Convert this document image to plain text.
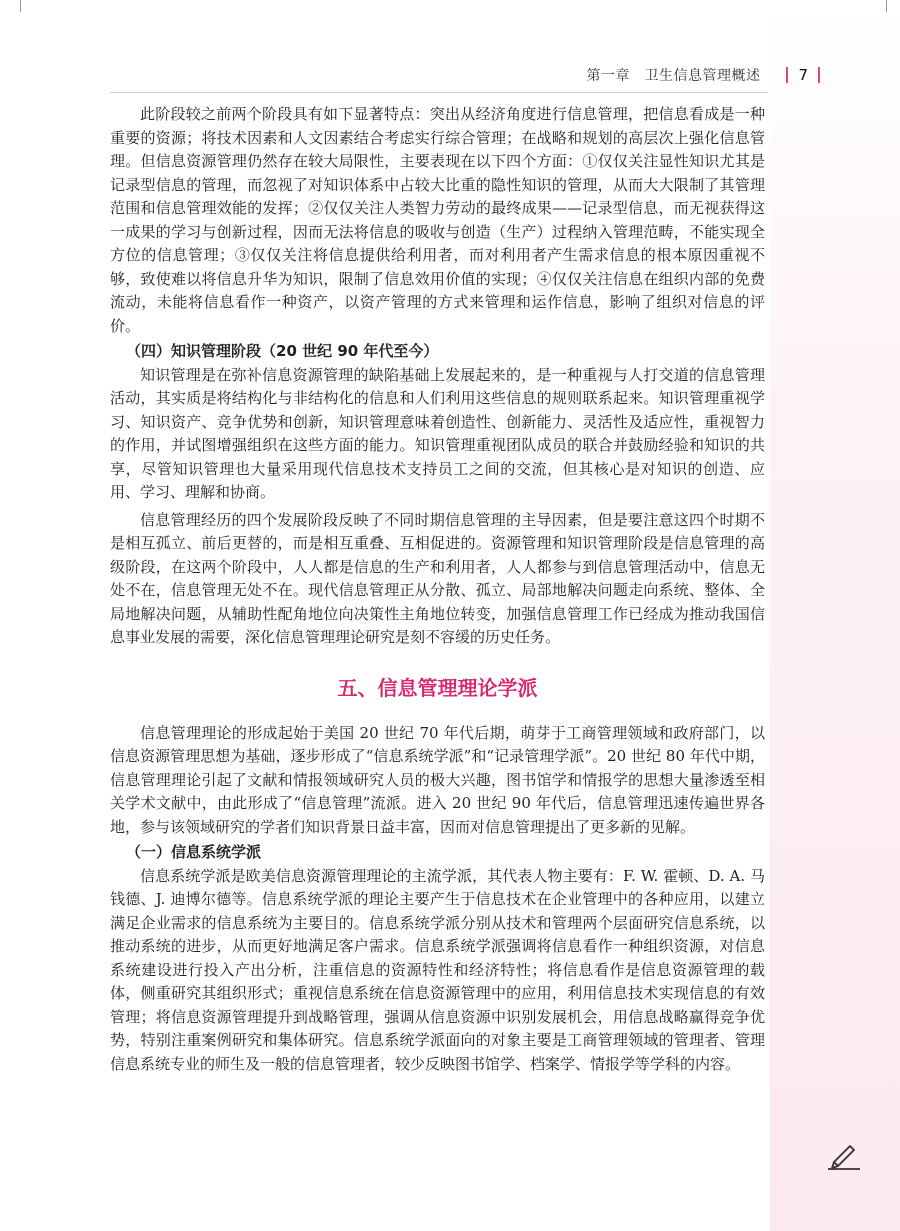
第一章　卫生信息管理概述	7

此阶段较之前两个阶段具有如下显著特点：突出从经济角度进行信息管理，把信息看成是一种重要的资源；将技术因素和人文因素结合考虑实行综合管理；在战略和规划的高层次上强化信息管理。但信息资源管理仍然存在较大局限性，主要表现在以下四个方面：①仅仅关注显性知识尤其是记录型信息的管理，而忽视了对知识体系中占较大比重的隐性知识的管理，从而大大限制了其管理范围和信息管理效能的发挥；②仅仅关注人类智力劳动的最终成果——记录型信息，而无视获得这一成果的学习与创新过程，因而无法将信息的吸收与创造（生产）过程纳入管理范畴，不能实现全方位的信息管理；③仅仅关注将信息提供给利用者，而对利用者产生需求信息的根本原因重视不够，致使难以将信息升华为知识，限制了信息效用价值的实现；④仅仅关注信息在组织内部的免费流动，未能将信息看作一种资产，以资产管理的方式来管理和运作信息，影响了组织对信息的评价。

（四）知识管理阶段（20 世纪 90 年代至今）

知识管理是在弥补信息资源管理的缺陷基础上发展起来的，是一种重视与人打交道的信息管理活动，其实质是将结构化与非结构化的信息和人们利用这些信息的规则联系起来。知识管理重视学习、知识资产、竞争优势和创新，知识管理意味着创造性、创新能力、灵活性及适应性，重视智力的作用，并试图增强组织在这些方面的能力。知识管理重视团队成员的联合并鼓励经验和知识的共享，尽管知识管理也大量采用现代信息技术支持员工之间的交流，但其核心是对知识的创造、应用、学习、理解和协商。

信息管理经历的四个发展阶段反映了不同时期信息管理的主导因素，但是要注意这四个时期不是相互孤立、前后更替的，而是相互重叠、互相促进的。资源管理和知识管理阶段是信息管理的高级阶段，在这两个阶段中，人人都是信息的生产和利用者，人人都参与到信息管理活动中，信息无处不在，信息管理无处不在。现代信息管理正从分散、孤立、局部地解决问题走向系统、整体、全局地解决问题，从辅助性配角地位向决策性主角地位转变，加强信息管理工作已经成为推动我国信息事业发展的需要，深化信息管理理论研究是刻不容缓的历史任务。

五、信息管理理论学派

信息管理理论的形成起始于美国 20 世纪 70 年代后期，萌芽于工商管理领域和政府部门，以信息资源管理思想为基础，逐步形成了“信息系统学派”和“记录管理学派”。20 世纪 80 年代中期，信息管理理论引起了文献和情报领域研究人员的极大兴趣，图书馆学和情报学的思想大量渗透至相关学术文献中，由此形成了“信息管理”流派。进入 20 世纪 90 年代后，信息管理迅速传遍世界各地，参与该领域研究的学者们知识背景日益丰富，因而对信息管理提出了更多新的见解。

（一）信息系统学派

信息系统学派是欧美信息资源管理理论的主流学派，其代表人物主要有：F. W. 霍顿、D. A. 马钱德、J. 迪博尔德等。信息系统学派的理论主要产生于信息技术在企业管理中的各种应用，以建立满足企业需求的信息系统为主要目的。信息系统学派分别从技术和管理两个层面研究信息系统，以推动系统的进步，从而更好地满足客户需求。信息系统学派强调将信息看作一种组织资源，对信息系统建设进行投入产出分析，注重信息的资源特性和经济特性；将信息看作是信息资源管理的载体，侧重研究其组织形式；重视信息系统在信息资源管理中的应用，利用信息技术实现信息的有效管理；将信息资源管理提升到战略管理，强调从信息资源中识别发展机会，用信息战略赢得竞争优势，特别注重案例研究和集体研究。信息系统学派面向的对象主要是工商管理领域的管理者、管理信息系统专业的师生及一般的信息管理者，较少反映图书馆学、档案学、情报学等学科的内容。
